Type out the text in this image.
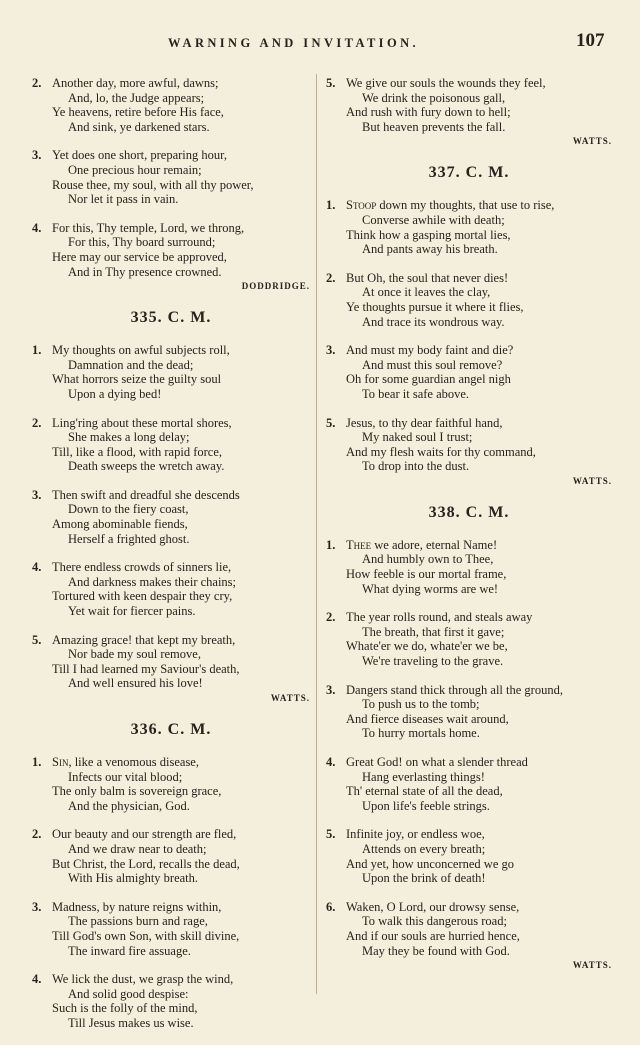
WARNING AND INVITATION.	107
2. Another day, more awful, dawns;
And, lo, the Judge appears;
Ye heavens, retire before His face,
And sink, ye darkened stars.
3. Yet does one short, preparing hour,
One precious hour remain;
Rouse thee, my soul, with all thy power,
Nor let it pass in vain.
4. For this, Thy temple, Lord, we throng,
For this, Thy board surround;
Here may our service be approved,
And in Thy presence crowned.
DODDRIDGE.
335. C. M.
1. My thoughts on awful subjects roll,
Damnation and the dead;
What horrors seize the guilty soul
Upon a dying bed!
2. Ling'ring about these mortal shores,
She makes a long delay;
Till, like a flood, with rapid force,
Death sweeps the wretch away.
3. Then swift and dreadful she descends
Down to the fiery coast,
Among abominable fiends,
Herself a frighted ghost.
4. There endless crowds of sinners lie,
And darkness makes their chains;
Tortured with keen despair they cry,
Yet wait for fiercer pains.
5. Amazing grace! that kept my breath,
Nor bade my soul remove,
Till I had learned my Saviour's death,
And well ensured his love!
WATTS.
336. C. M.
1. Sin, like a venomous disease,
Infects our vital blood;
The only balm is sovereign grace,
And the physician, God.
2. Our beauty and our strength are fled,
And we draw near to death;
But Christ, the Lord, recalls the dead,
With His almighty breath.
3. Madness, by nature reigns within,
The passions burn and rage,
Till God's own Son, with skill divine,
The inward fire assuage.
4. We lick the dust, we grasp the wind,
And solid good despise:
Such is the folly of the mind,
Till Jesus makes us wise.
5. We give our souls the wounds they feel,
We drink the poisonous gall,
And rush with fury down to hell;
But heaven prevents the fall.
WATTS.
337. C. M.
1. Stoop down my thoughts, that use to rise,
Converse awhile with death;
Think how a gasping mortal lies,
And pants away his breath.
2. But Oh, the soul that never dies!
At once it leaves the clay,
Ye thoughts pursue it where it flies,
And trace its wondrous way.
3. And must my body faint and die?
And must this soul remove?
Oh for some guardian angel nigh
To bear it safe above.
5. Jesus, to thy dear faithful hand,
My naked soul I trust;
And my flesh waits for thy command,
To drop into the dust.
WATTS.
338. C. M.
1. Thee we adore, eternal Name!
And humbly own to Thee,
How feeble is our mortal frame,
What dying worms are we!
2. The year rolls round, and steals away
The breath, that first it gave;
Whate'er we do, whate'er we be,
We're traveling to the grave.
3. Dangers stand thick through all the ground,
To push us to the tomb;
And fierce diseases wait around,
To hurry mortals home.
4. Great God! on what a slender thread
Hang everlasting things!
Th' eternal state of all the dead,
Upon life's feeble strings.
5. Infinite joy, or endless woe,
Attends on every breath;
And yet, how unconcerned we go
Upon the brink of death!
6. Waken, O Lord, our drowsy sense,
To walk this dangerous road;
And if our souls are hurried hence,
May they be found with God.
WATTS.
